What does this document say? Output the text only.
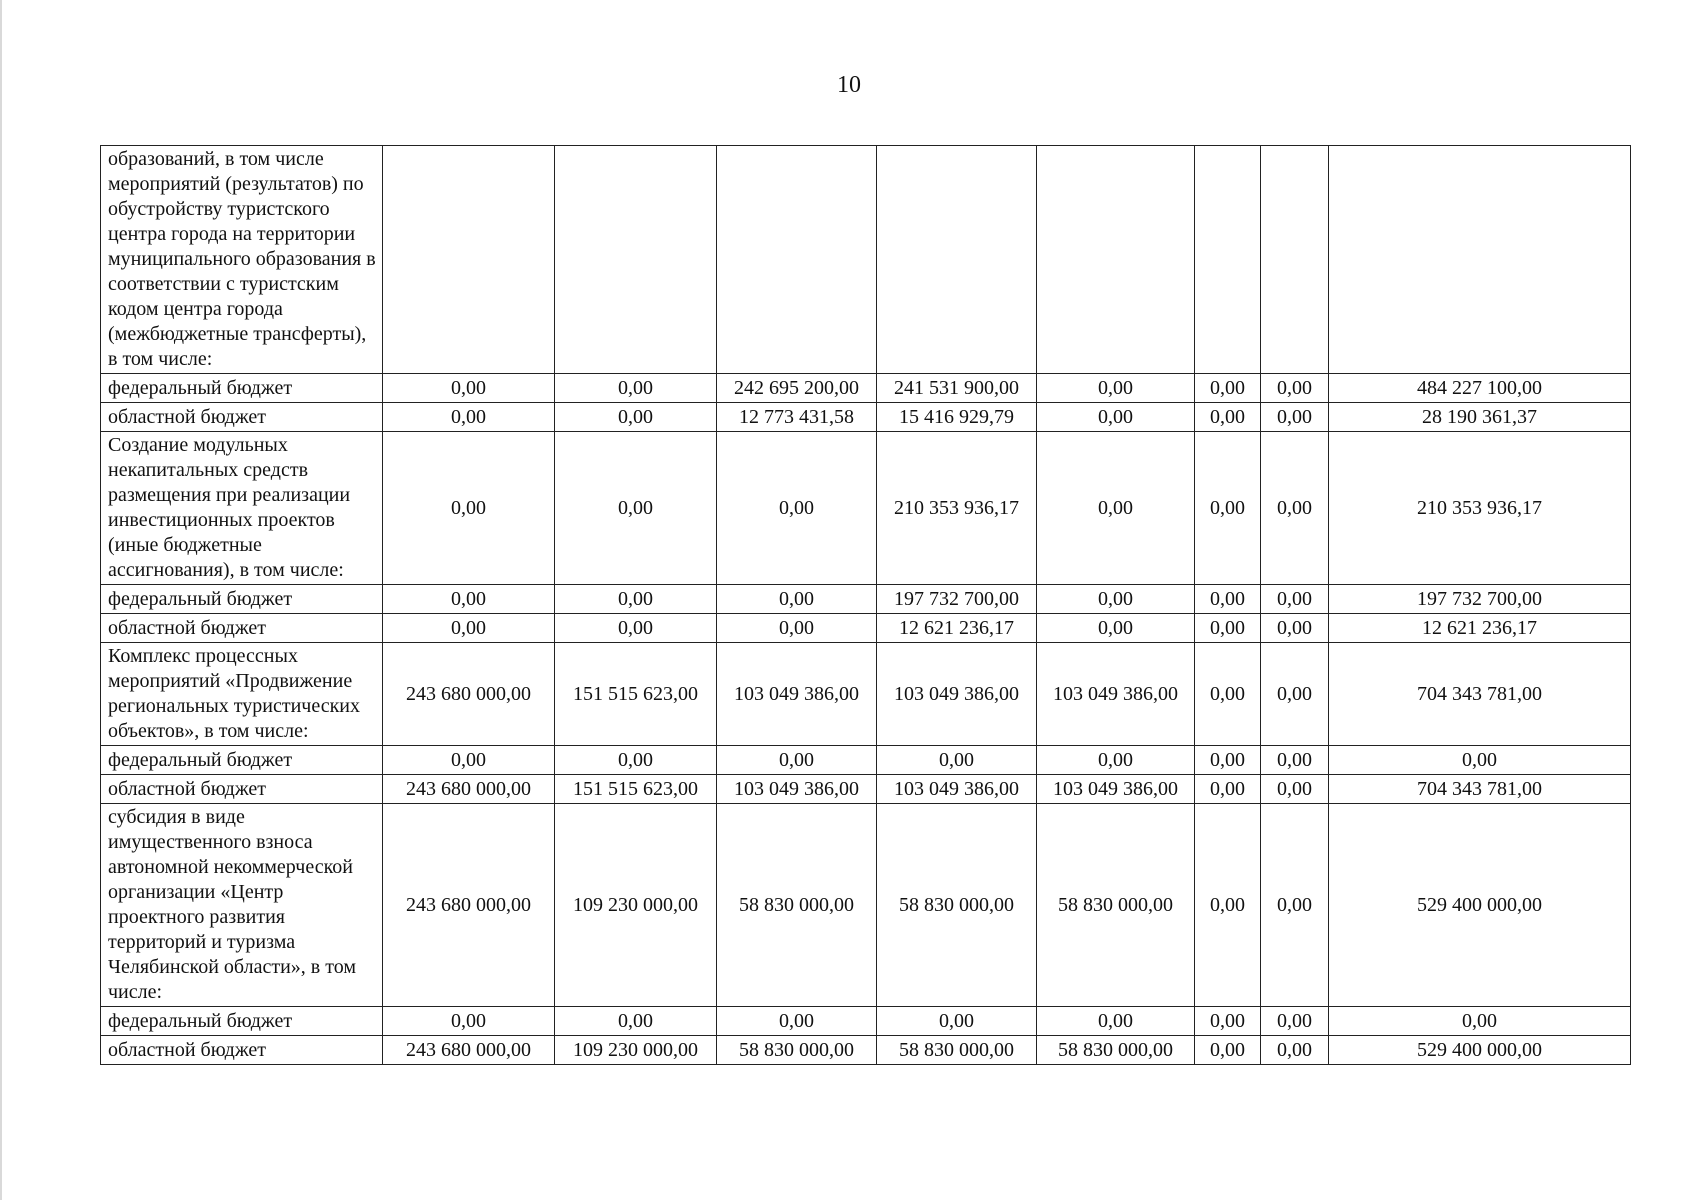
10
образований, в том числе мероприятий (результатов) по обустройству туристского центра города на территории муниципального образования в соответствии с туристским кодом центра города (межбюджетные трансферты), в том числе:								
федеральный бюджет	0,00	0,00	242 695 200,00	241 531 900,00	0,00	0,00	0,00	484 227 100,00
областной бюджет	0,00	0,00	12 773 431,58	15 416 929,79	0,00	0,00	0,00	28 190 361,37
Создание модульных некапитальных средств размещения при реализации инвестиционных проектов (иные бюджетные ассигнования), в том числе:	0,00	0,00	0,00	210 353 936,17	0,00	0,00	0,00	210 353 936,17
федеральный бюджет	0,00	0,00	0,00	197 732 700,00	0,00	0,00	0,00	197 732 700,00
областной бюджет	0,00	0,00	0,00	12 621 236,17	0,00	0,00	0,00	12 621 236,17
Комплекс процессных мероприятий «Продвижение региональных туристических объектов», в том числе:	243 680 000,00	151 515 623,00	103 049 386,00	103 049 386,00	103 049 386,00	0,00	0,00	704 343 781,00
федеральный бюджет	0,00	0,00	0,00	0,00	0,00	0,00	0,00	0,00
областной бюджет	243 680 000,00	151 515 623,00	103 049 386,00	103 049 386,00	103 049 386,00	0,00	0,00	704 343 781,00
субсидия в виде имущественного взноса автономной некоммерческой организации «Центр проектного развития территорий и туризма Челябинской области», в том числе:	243 680 000,00	109 230 000,00	58 830 000,00	58 830 000,00	58 830 000,00	0,00	0,00	529 400 000,00
федеральный бюджет	0,00	0,00	0,00	0,00	0,00	0,00	0,00	0,00
областной бюджет	243 680 000,00	109 230 000,00	58 830 000,00	58 830 000,00	58 830 000,00	0,00	0,00	529 400 000,00
